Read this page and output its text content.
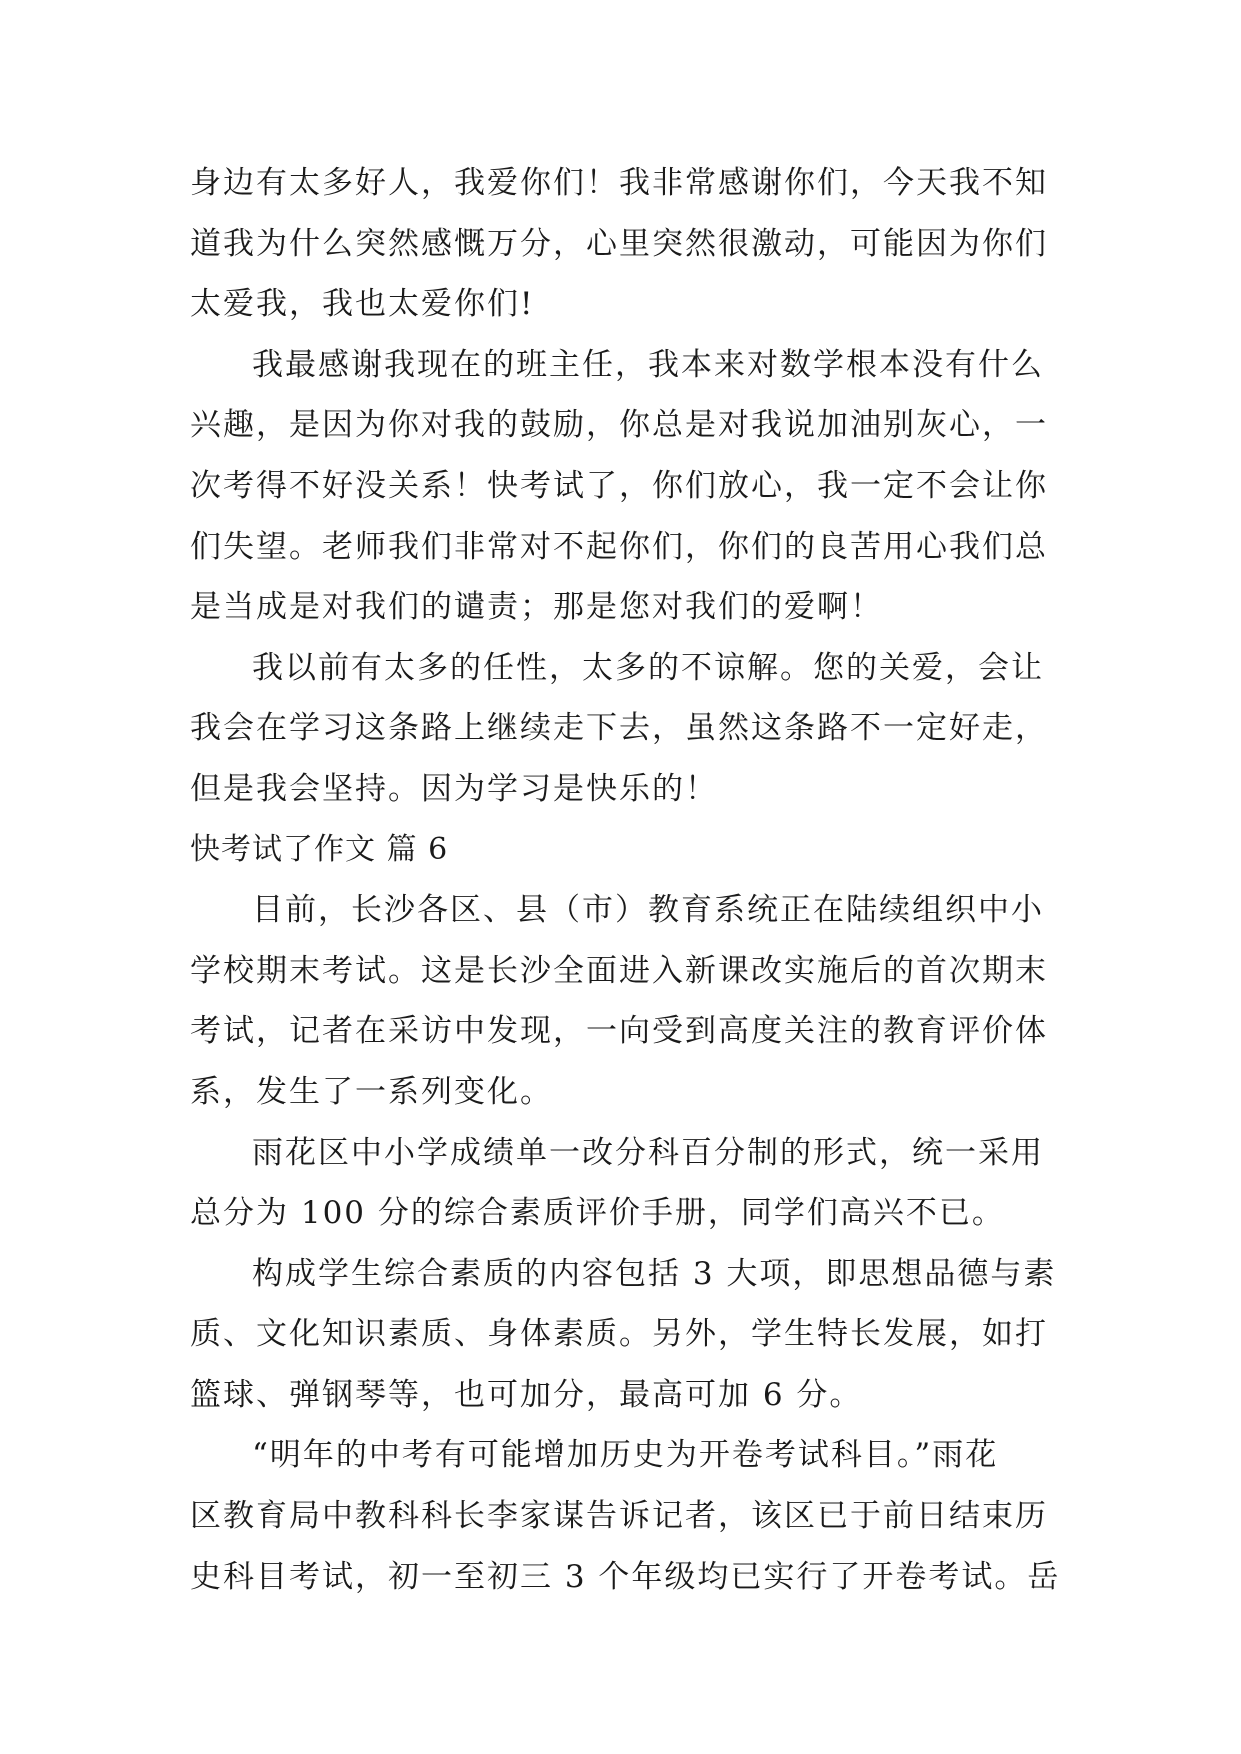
身边有太多好人，我爱你们！我非常感谢你们，今天我不知
道我为什么突然感慨万分，心里突然很激动，可能因为你们
太爱我，我也太爱你们!
我最感谢我现在的班主任，我本来对数学根本没有什么
兴趣，是因为你对我的鼓励，你总是对我说加油别灰心，一
次考得不好没关系！快考试了，你们放心，我一定不会让你
们失望。老师我们非常对不起你们，你们的良苦用心我们总
是当成是对我们的谴责；那是您对我们的爱啊！
我以前有太多的任性，太多的不谅解。您的关爱，会让
我会在学习这条路上继续走下去，虽然这条路不一定好走，
但是我会坚持。因为学习是快乐的！
快考试了作文 篇 6
目前，长沙各区、县（市）教育系统正在陆续组织中小
学校期末考试。这是长沙全面进入新课改实施后的首次期末
考试，记者在采访中发现，一向受到高度关注的教育评价体
系，发生了一系列变化。
雨花区中小学成绩单一改分科百分制的形式，统一采用
总分为 100 分的综合素质评价手册，同学们高兴不已。
构成学生综合素质的内容包括 3 大项，即思想品德与素
质、文化知识素质、身体素质。另外，学生特长发展，如打
篮球、弹钢琴等，也可加分，最高可加 6 分。
“明年的中考有可能增加历史为开卷考试科目。”雨花
区教育局中教科科长李家谋告诉记者，该区已于前日结束历
史科目考试，初一至初三 3 个年级均已实行了开卷考试。岳
